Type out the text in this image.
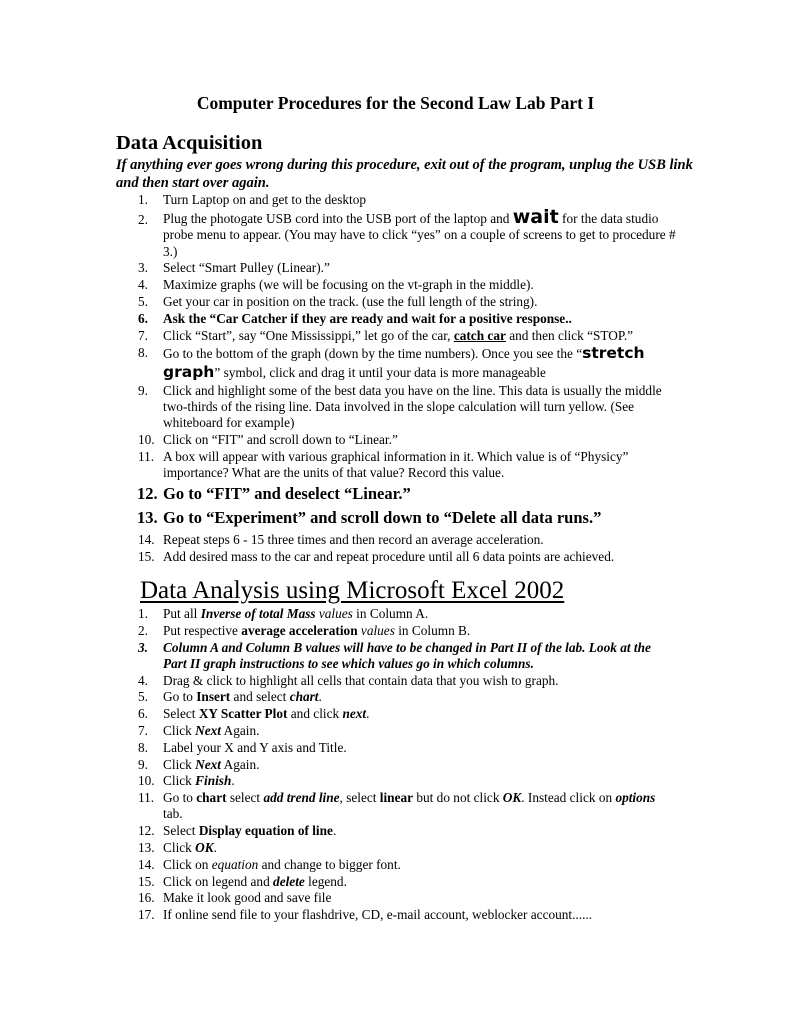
Computer Procedures for the Second Law Lab Part I
Data Acquisition
If anything ever goes wrong during this procedure, exit out of the program, unplug the USB link and then start over again.
1. Turn Laptop on and get to the desktop
2. Plug the photogate USB cord into the USB port of the laptop and wait for the data studio probe menu to appear. (You may have to click “yes” on a couple of screens to get to procedure # 3.)
3. Select “Smart Pulley (Linear).”
4. Maximize graphs (we will be focusing on the vt-graph in the middle).
5. Get your car in position on the track. (use the full length of the string).
6. Ask the “Car Catcher if they are ready and wait for a positive response..
7. Click “Start”, say “One Mississippi,” let go of the car, catch car and then click “STOP.”
8. Go to the bottom of the graph (down by the time numbers). Once you see the “stretch graph” symbol, click and drag it until your data is more manageable
9. Click and highlight some of the best data you have on the line. This data is usually the middle two-thirds of the rising line. Data involved in the slope calculation will turn yellow. (See whiteboard for example)
10. Click on “FIT” and scroll down to “Linear.”
11. A box will appear with various graphical information in it. Which value is of “Physicy” importance? What are the units of that value? Record this value.
12. Go to “FIT” and deselect “Linear.”
13. Go to “Experiment” and scroll down to “Delete all data runs.”
14. Repeat steps 6 - 15 three times and then record an average acceleration.
15. Add desired mass to the car and repeat procedure until all 6 data points are achieved.
Data Analysis using Microsoft Excel 2002
1. Put all Inverse of total Mass values in Column A.
2. Put respective average acceleration values in Column B.
3. Column A and Column B values will have to be changed in Part II of the lab. Look at the Part II graph instructions to see which values go in which columns.
4. Drag & click to highlight all cells that contain data that you wish to graph.
5. Go to Insert and select chart.
6. Select XY Scatter Plot and click next.
7. Click Next Again.
8. Label your X and Y axis and Title.
9. Click Next Again.
10. Click Finish.
11. Go to chart select add trend line, select linear but do not click OK. Instead click on options tab.
12. Select Display equation of line.
13. Click OK.
14. Click on equation and change to bigger font.
15. Click on legend and delete legend.
16. Make it look good and save file
17. If online send file to your flashdrive, CD, e-mail account, weblocker account......
